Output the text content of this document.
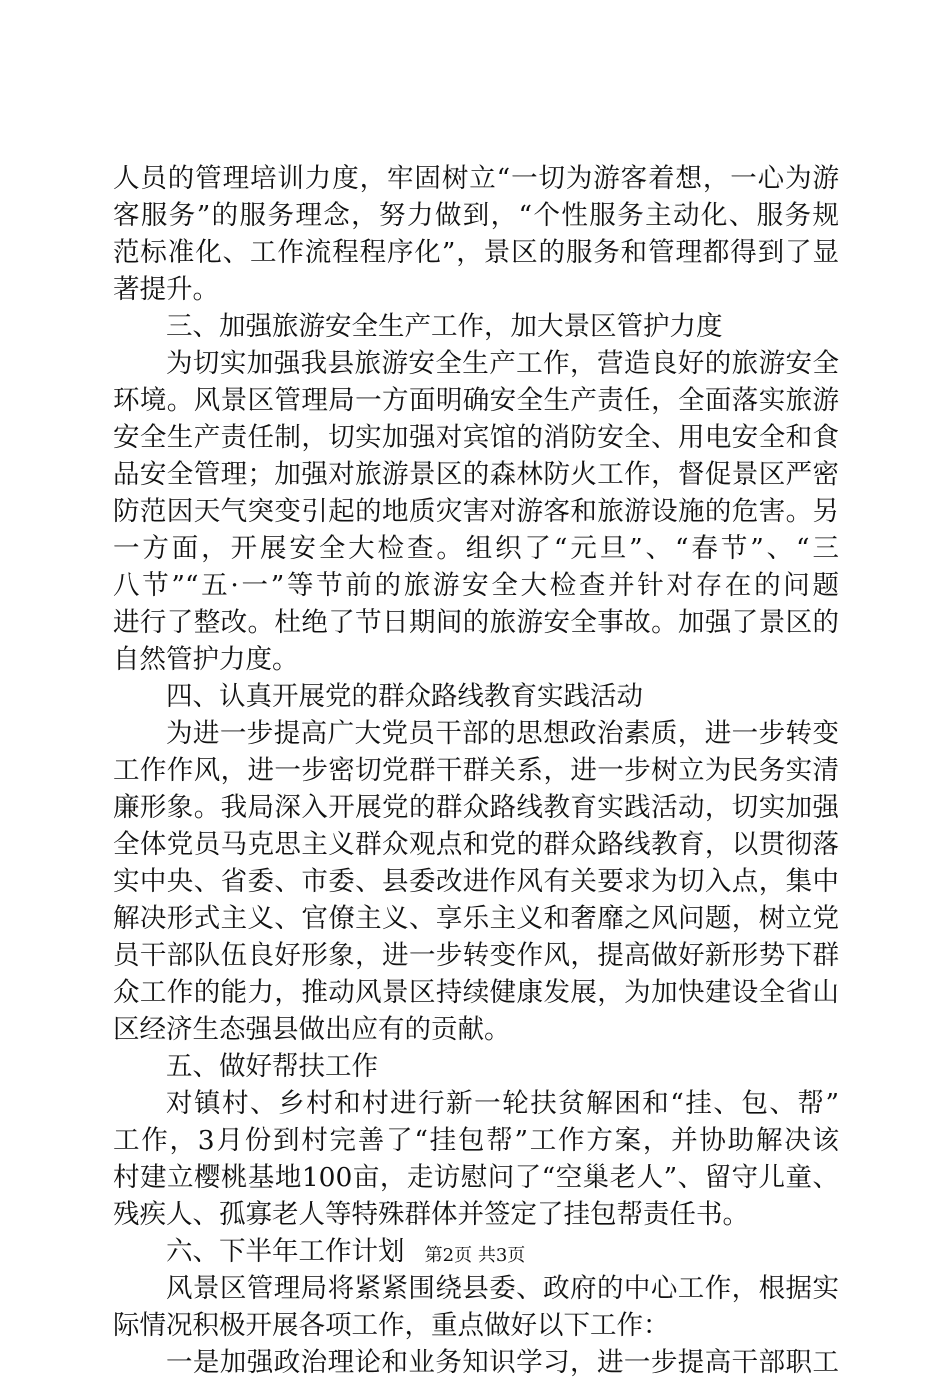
人员的管理培训力度，牢固树立“一切为游客着想，一心为游
客服务”的服务理念，努力做到，“个性服务主动化、服务规
范标准化、工作流程程序化”，景区的服务和管理都得到了显
著提升。
三、加强旅游安全生产工作，加大景区管护力度
为切实加强我县旅游安全生产工作，营造良好的旅游安全
环境。风景区管理局一方面明确安全生产责任，全面落实旅游
安全生产责任制，切实加强对宾馆的消防安全、用电安全和食
品安全管理；加强对旅游景区的森林防火工作，督促景区严密
防范因天气突变引起的地质灾害对游客和旅游设施的危害。另
一方面，开展安全大检查。组织了“元旦”、“春节”、“三
八节”“五·一”等节前的旅游安全大检查并针对存在的问题
进行了整改。杜绝了节日期间的旅游安全事故。加强了景区的
自然管护力度。
四、认真开展党的群众路线教育实践活动
为进一步提高广大党员干部的思想政治素质，进一步转变
工作作风，进一步密切党群干群关系，进一步树立为民务实清
廉形象。我局深入开展党的群众路线教育实践活动，切实加强
全体党员马克思主义群众观点和党的群众路线教育，以贯彻落
实中央、省委、市委、县委改进作风有关要求为切入点，集中
解决形式主义、官僚主义、享乐主义和奢靡之风问题，树立党
员干部队伍良好形象，进一步转变作风，提高做好新形势下群
众工作的能力，推动风景区持续健康发展，为加快建设全省山
区经济生态强县做出应有的贡献。
五、做好帮扶工作
对镇村、乡村和村进行新一轮扶贫解困和“挂、包、帮”
工作，3月份到村完善了“挂包帮”工作方案，并协助解决该
村建立樱桃基地100亩，走访慰问了“空巢老人”、留守儿童、
残疾人、孤寡老人等特殊群体并签定了挂包帮责任书。
六、下半年工作计划
风景区管理局将紧紧围绕县委、政府的中心工作，根据实
际情况积极开展各项工作，重点做好以下工作：
一是加强政治理论和业务知识学习，进一步提高干部职工
第2页 共3页
